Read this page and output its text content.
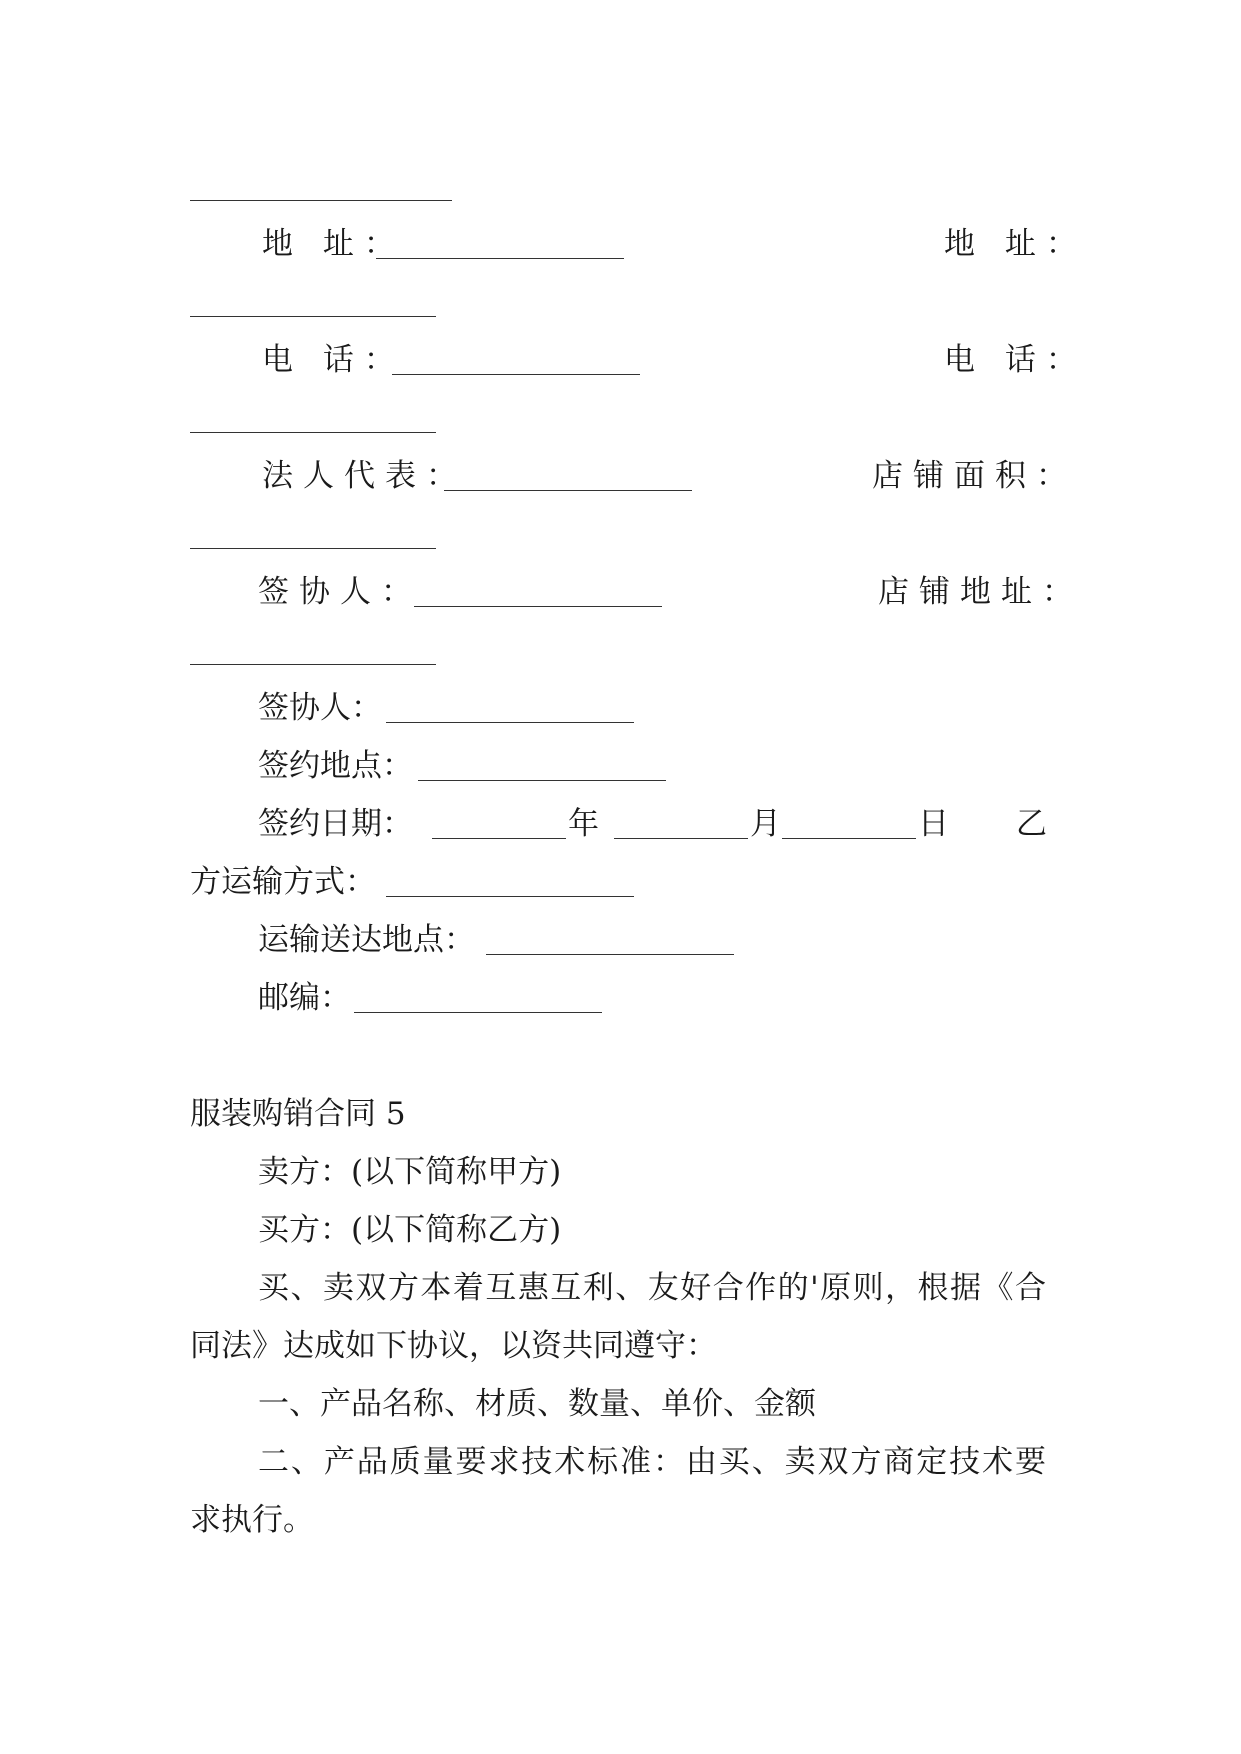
地 址：	地 址：
电 话：	电 话：
法人代表：	店铺面积：
签协人：	店铺地址：
签协人：
签约地点：
签约日期：	年	月	日 乙
方运输方式：
运输送达地点：
邮编：
服装购销合同 5
卖方：(以下简称甲方)
买方：(以下简称乙方)
买、卖双方本着互惠互利、友好合作的'原则，根据《合
同法》达成如下协议，以资共同遵守：
一、产品名称、材质、数量、单价、金额
二、产品质量要求技术标准：由买、卖双方商定技术要
求执行。
